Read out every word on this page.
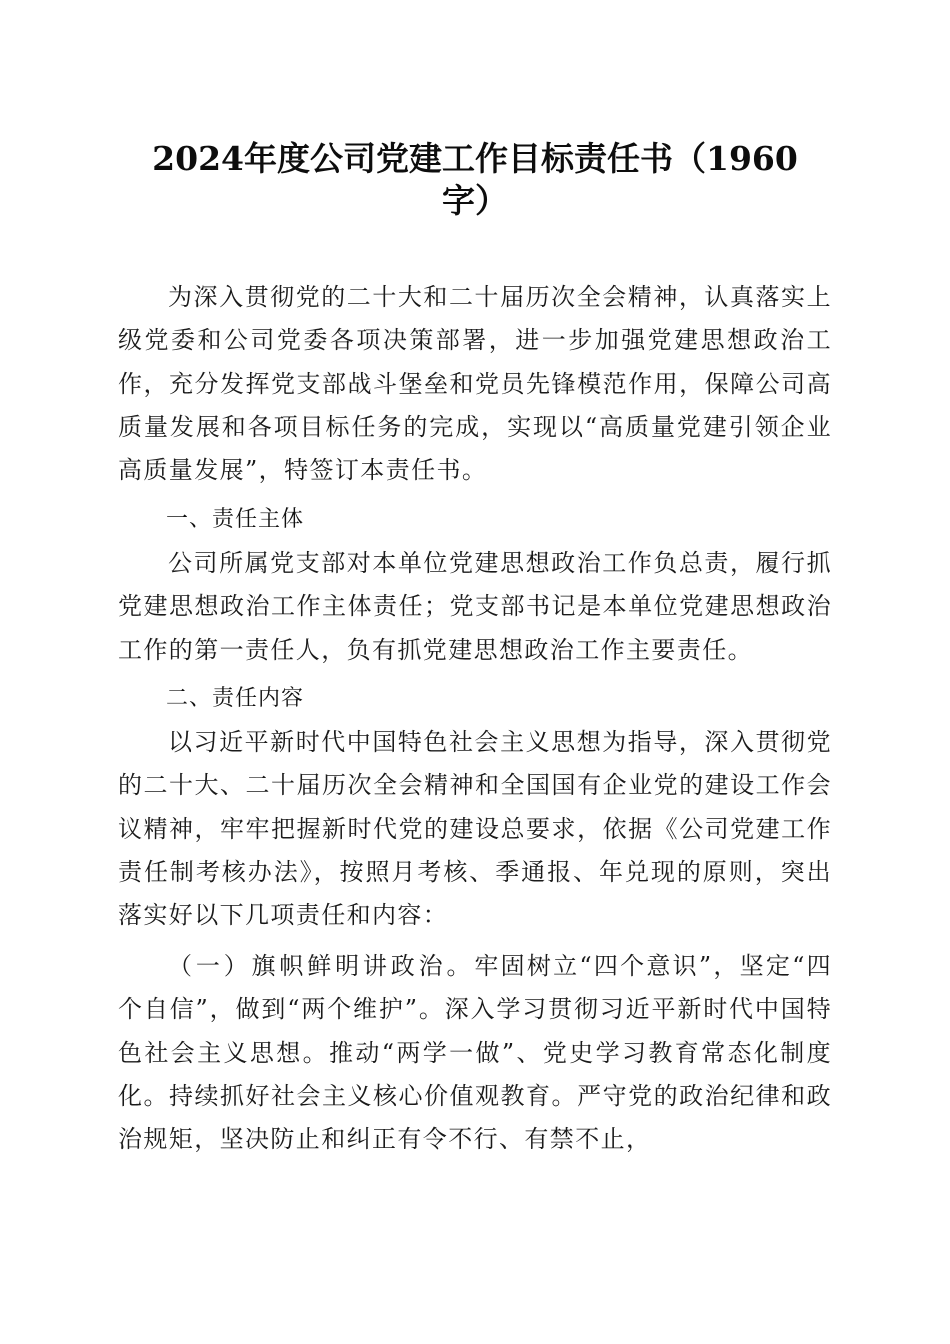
2024年度公司党建工作目标责任书（1960字）
为深入贯彻党的二十大和二十届历次全会精神，认真落实上级党委和公司党委各项决策部署，进一步加强党建思想政治工作，充分发挥党支部战斗堡垒和党员先锋模范作用，保障公司高质量发展和各项目标任务的完成，实现以“高质量党建引领企业高质量发展”，特签订本责任书。
一、责任主体
公司所属党支部对本单位党建思想政治工作负总责，履行抓党建思想政治工作主体责任；党支部书记是本单位党建思想政治工作的第一责任人，负有抓党建思想政治工作主要责任。
二、责任内容
以习近平新时代中国特色社会主义思想为指导，深入贯彻党的二十大、二十届历次全会精神和全国国有企业党的建设工作会议精神，牢牢把握新时代党的建设总要求，依据《公司党建工作责任制考核办法》，按照月考核、季通报、年兑现的原则，突出落实好以下几项责任和内容：
（一）旗帜鲜明讲政治。牢固树立“四个意识”，坚定“四个自信”，做到“两个维护”。深入学习贯彻习近平新时代中国特色社会主义思想。推动“两学一做”、党史学习教育常态化制度化。持续抓好社会主义核心价值观教育。严守党的政治纪律和政治规矩，坚决防止和纠正有令不行、有禁不止，
